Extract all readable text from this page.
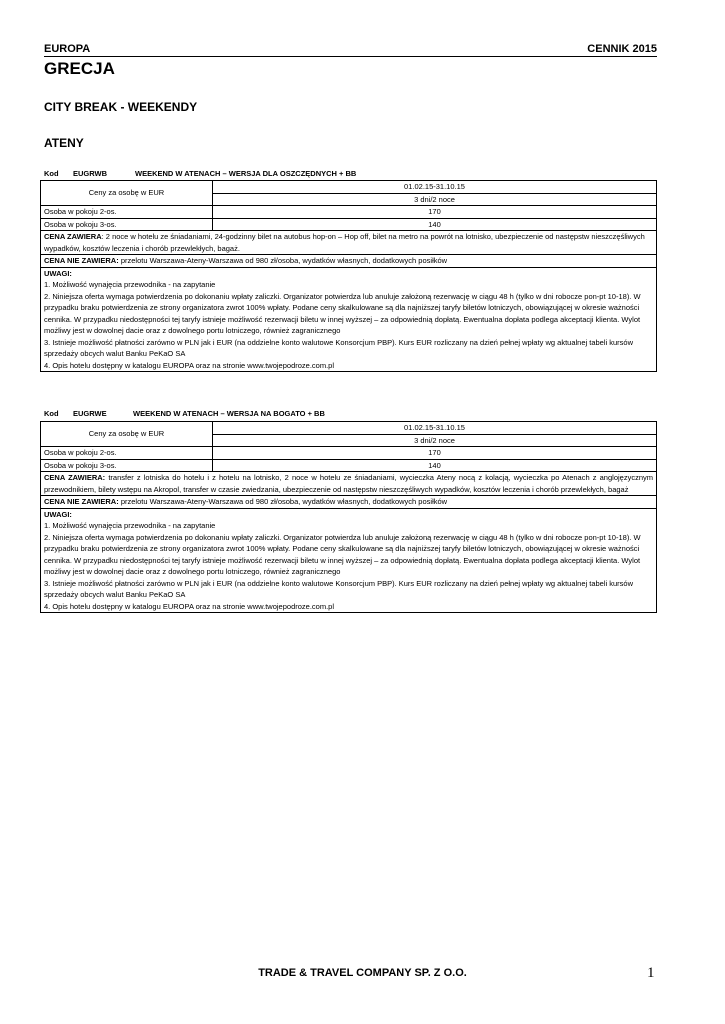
EUROPA	CENNIK 2015
GRECJA
CITY BREAK - WEEKENDY
ATENY
Kod EUGRWB	WEEKEND W ATENACH – WERSJA DLA OSZCZĘDNYCH + BB
Ceny za osobę w EUR	01.02.15-31.10.15
	3 dni/2 noce
Osoba w pokoju 2-os.	170
Osoba w pokoju 3-os.	140
CENA ZAWIERA: 2 noce w hotelu ze śniadaniami, 24-godzinny bilet na autobus hop-on – Hop off, bilet na metro na powrót na lotnisko, ubezpieczenie od następstw nieszczęśliwych wypadków, kosztów leczenia i chorób przewlekłych, bagaż.	
CENA NIE ZAWIERA: przelotu Warszawa-Ateny-Warszawa od 980 zł/osoba, wydatków własnych, dodatkowych posiłków	

UWAGI:
1. Możliwość wynajęcia przewodnika - na zapytanie
2. Niniejsza oferta wymaga potwierdzenia po dokonaniu wpłaty zaliczki. Organizator potwierdza lub anuluje założoną rezerwację w ciągu 48 h (tylko w dni robocze pon-pt 10-18). W przypadku braku potwierdzenia ze strony organizatora zwrot 100% wpłaty. Podane ceny skalkulowane są dla najniższej taryfy biletów lotniczych, obowiązującej w okresie ważności cennika. W przypadku niedostępności tej taryfy istnieje możliwość rezerwacji biletu w innej wyższej – za odpowiednią dopłatą. Ewentualna dopłata podlega akceptacji klienta. Wylot możliwy jest w dowolnej dacie oraz z dowolnego portu lotniczego, również zagranicznego
3. Istnieje możliwość płatności zarówno w PLN jak i EUR (na oddzielne konto walutowe Konsorcjum PBP). Kurs EUR rozliczany na dzień pełnej wpłaty wg aktualnej tabeli kursów sprzedaży obcych walut Banku PeKaO SA
4. Opis hotelu dostępny w katalogu EUROPA oraz na stronie www.twojepodroze.com.pl	
Kod EUGRWE	WEEKEND W ATENACH – WERSJA NA BOGATO + BB
Ceny za osobę w EUR	01.02.15-31.10.15
	3 dni/2 noce
Osoba w pokoju 2-os.	170
Osoba w pokoju 3-os.	140
CENA ZAWIERA: transfer z lotniska do hotelu i z hotelu na lotnisko, 2 noce w hotelu ze śniadaniami, wycieczka Ateny nocą z kolacją, wycieczka po Atenach z anglojęzycznym przewodnikiem, bilety wstępu na Akropol, transfer w czasie zwiedzania, ubezpieczenie od następstw nieszczęśliwych wypadków, kosztów leczenia i chorób przewlekłych, bagaż	
CENA NIE ZAWIERA: przelotu Warszawa-Ateny-Warszawa od 980 zł/osoba, wydatków własnych, dodatkowych posiłków	

UWAGI:
1. Możliwość wynajęcia przewodnika - na zapytanie
2. Niniejsza oferta wymaga potwierdzenia po dokonaniu wpłaty zaliczki. Organizator potwierdza lub anuluje założoną rezerwację w ciągu 48 h (tylko w dni robocze pon-pt 10-18). W przypadku braku potwierdzenia ze strony organizatora zwrot 100% wpłaty. Podane ceny skalkulowane są dla najniższej taryfy biletów lotniczych, obowiązującej w okresie ważności cennika. W przypadku niedostępności tej taryfy istnieje możliwość rezerwacji biletu w innej wyższej – za odpowiednią dopłatą. Ewentualna dopłata podlega akceptacji klienta. Wylot możliwy jest w dowolnej dacie oraz z dowolnego portu lotniczego, również zagranicznego
3. Istnieje możliwość płatności zarówno w PLN jak i EUR (na oddzielne konto walutowe Konsorcjum PBP). Kurs EUR rozliczany na dzień pełnej wpłaty wg aktualnej tabeli kursów sprzedaży obcych walut Banku PeKaO SA
4. Opis hotelu dostępny w katalogu EUROPA oraz na stronie www.twojepodroze.com.pl	
TRADE & TRAVEL COMPANY SP. Z O.O.	1
